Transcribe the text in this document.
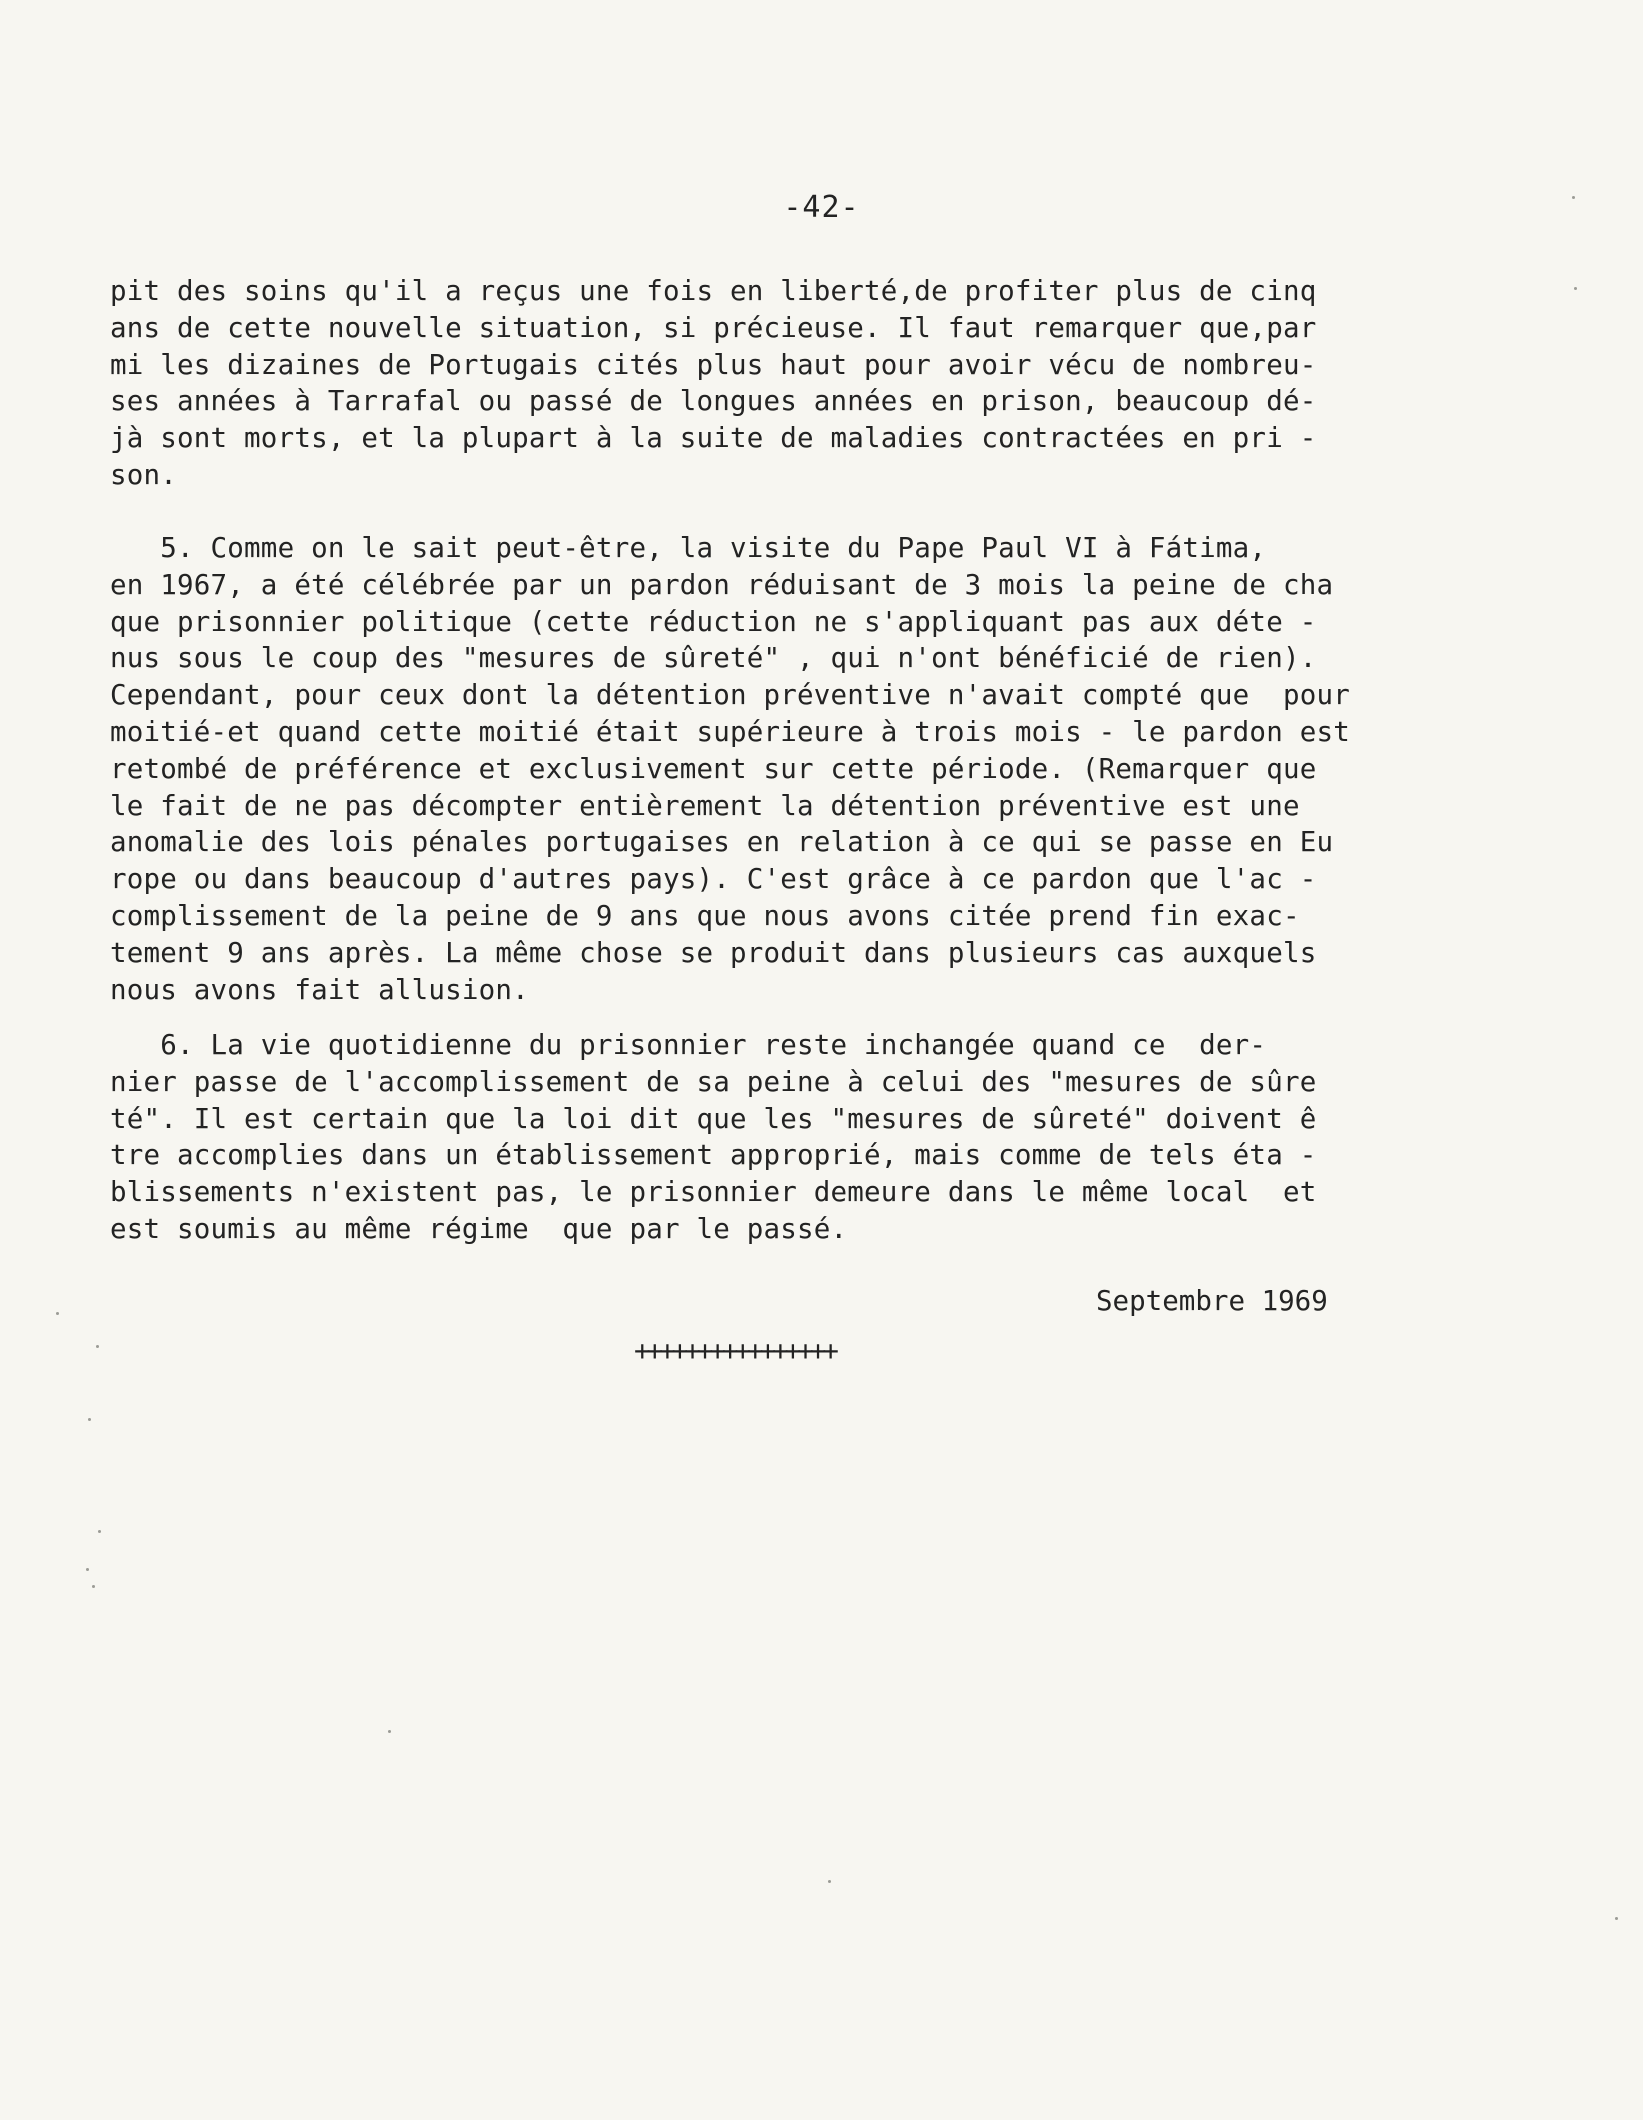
-42-
pit des soins qu'il a reçus une fois en liberté,de profiter plus de cinq
ans de cette nouvelle situation, si précieuse. Il faut remarquer que,par
mi les dizaines de Portugais cités plus haut pour avoir vécu de nombreu-
ses années à Tarrafal ou passé de longues années en prison, beaucoup dé-
jà sont morts, et la plupart à la suite de maladies contractées en pri -
son.
5. Comme on le sait peut-être, la visite du Pape Paul VI à Fátima,
en 1967, a été célébrée par un pardon réduisant de 3 mois la peine de cha
que prisonnier politique (cette réduction ne s'appliquant pas aux déte -
nus sous le coup des "mesures de sûreté" , qui n'ont bénéficié de rien).
Cependant, pour ceux dont la détention préventive n'avait compté que  pour
moitié-et quand cette moitié était supérieure à trois mois - le pardon est
retombé de préférence et exclusivement sur cette période. (Remarquer que
le fait de ne pas décompter entièrement la détention préventive est une
anomalie des lois pénales portugaises en relation à ce qui se passe en Eu
rope ou dans beaucoup d'autres pays). C'est grâce à ce pardon que l'ac -
complissement de la peine de 9 ans que nous avons citée prend fin exac-
tement 9 ans après. La même chose se produit dans plusieurs cas auxquels
nous avons fait allusion.
6. La vie quotidienne du prisonnier reste inchangée quand ce  der-
nier passe de l'accomplissement de sa peine à celui des "mesures de sûre
té". Il est certain que la loi dit que les "mesures de sûreté" doivent ê
tre accomplies dans un établissement approprié, mais comme de tels éta -
blissements n'existent pas, le prisonnier demeure dans le même local  et
est soumis au même régime  que par le passé.
Septembre 1969
++++++++++++++++
